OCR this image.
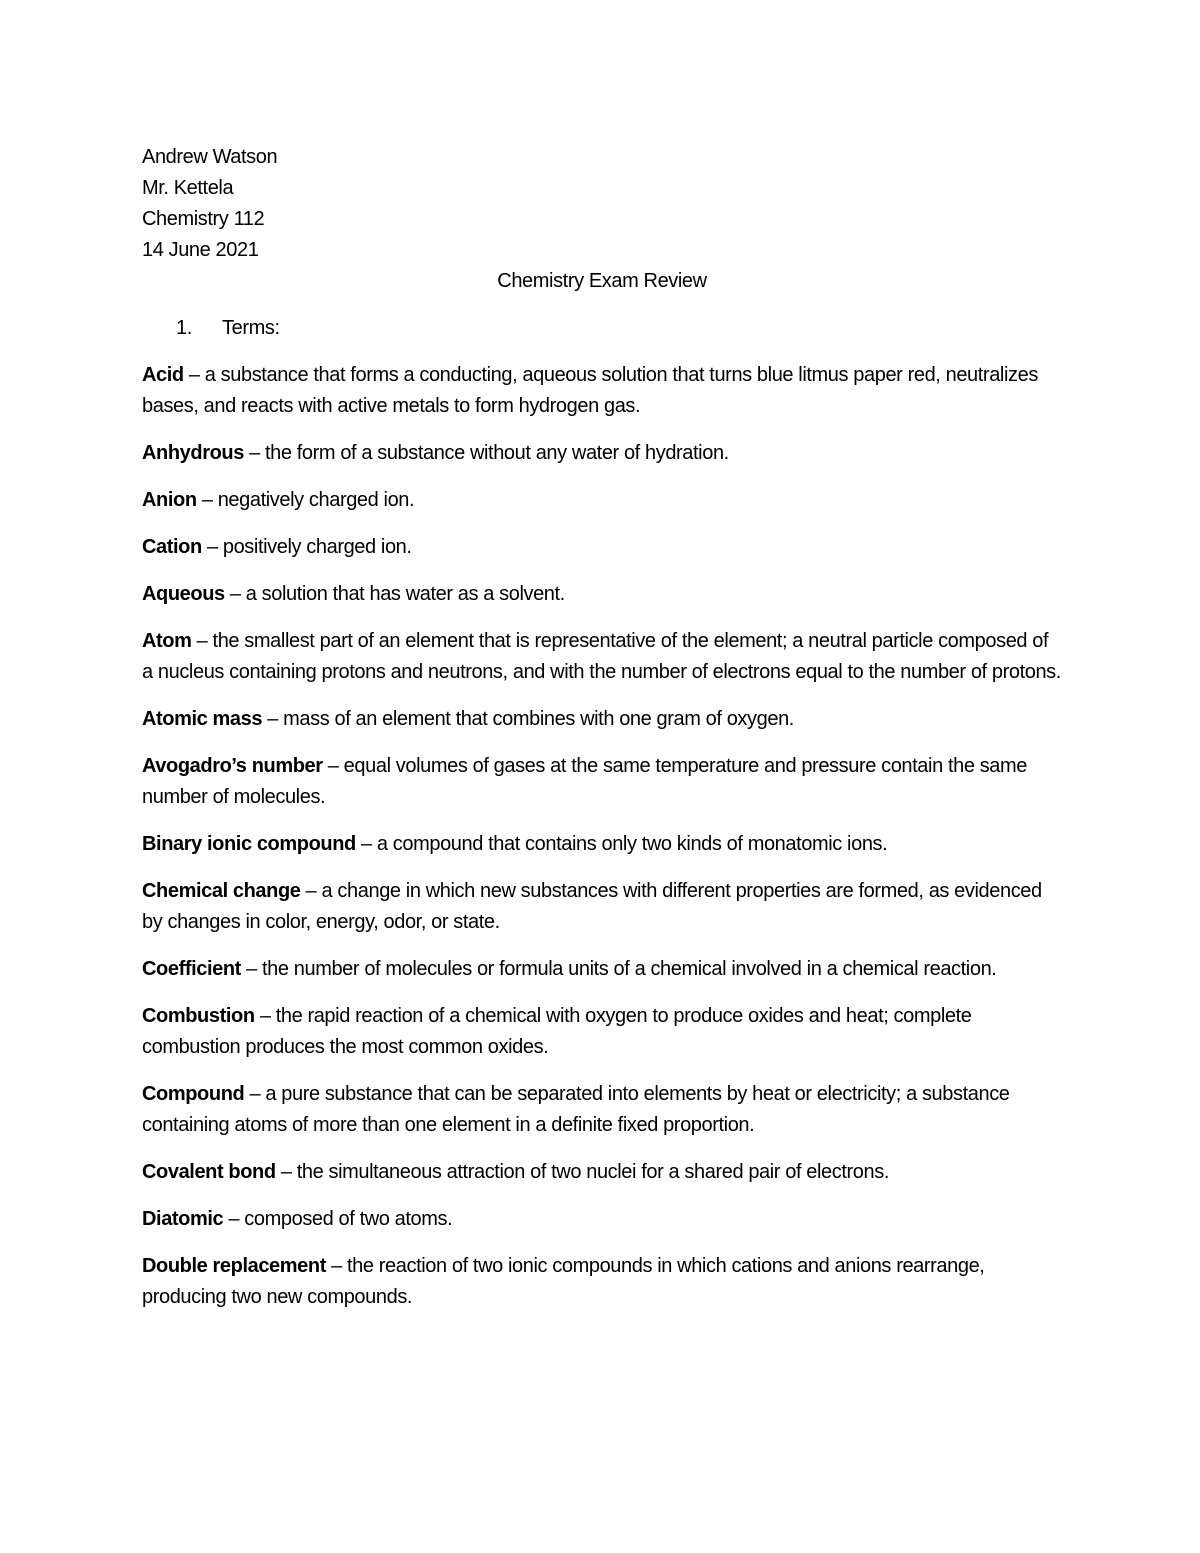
Andrew Watson

Mr. Kettela

Chemistry 112

14 June 2021

Chemistry Exam Review

1.	Terms:

Acid – a substance that forms a conducting, aqueous solution that turns blue litmus paper red, neutralizes bases, and reacts with active metals to form hydrogen gas.

Anhydrous – the form of a substance without any water of hydration.

Anion – negatively charged ion.

Cation – positively charged ion.

Aqueous – a solution that has water as a solvent.

Atom – the smallest part of an element that is representative of the element; a neutral particle composed of a nucleus containing protons and neutrons, and with the number of electrons equal to the number of protons.

Atomic mass – mass of an element that combines with one gram of oxygen.

Avogadro’s number – equal volumes of gases at the same temperature and pressure contain the same number of molecules.

Binary ionic compound – a compound that contains only two kinds of monatomic ions.

Chemical change – a change in which new substances with different properties are formed, as evidenced by changes in color, energy, odor, or state.

Coefficient – the number of molecules or formula units of a chemical involved in a chemical reaction.

Combustion – the rapid reaction of a chemical with oxygen to produce oxides and heat; complete combustion produces the most common oxides.

Compound – a pure substance that can be separated into elements by heat or electricity; a substance containing atoms of more than one element in a definite fixed proportion.

Covalent bond – the simultaneous attraction of two nuclei for a shared pair of electrons.

Diatomic – composed of two atoms.

Double replacement – the reaction of two ionic compounds in which cations and anions rearrange, producing two new compounds.
